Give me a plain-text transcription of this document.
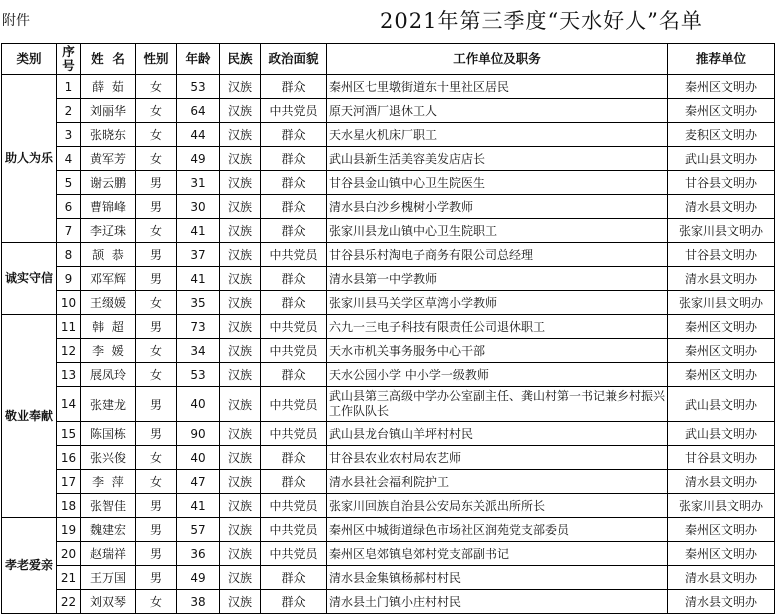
附件	2021年第三季度“天水好人”名单
类别	序号	姓  名	性别	年龄	民族	政治面貌	工作单位及职务	推荐单位
助人为乐	1	薛  茹	女	53	汉族	群众	秦州区七里墩街道东十里社区居民	秦州区文明办
	2	刘丽华	女	64	汉族	中共党员	原天河酒厂退休工人	秦州区文明办
	3	张晓东	女	44	汉族	群众	天水星火机床厂职工	麦积区文明办
	4	黄军芳	女	49	汉族	群众	武山县新生活美容美发店店长	武山县文明办
	5	谢云鹏	男	31	汉族	群众	甘谷县金山镇中心卫生院医生	甘谷县文明办
	6	曹锦峰	男	30	汉族	群众	清水县白沙乡槐树小学教师	清水县文明办
	7	李辽珠	女	41	汉族	群众	张家川县龙山镇中心卫生院职工	张家川县文明办
诚实守信	8	颉  恭	男	37	汉族	中共党员	甘谷县乐村淘电子商务有限公司总经理	甘谷县文明办
	9	邓军辉	男	41	汉族	群众	清水县第一中学教师	清水县文明办
	10	王缀媛	女	35	汉族	群众	张家川县马关学区草湾小学教师	张家川县文明办
敬业奉献	11	韩  超	男	73	汉族	中共党员	六九一三电子科技有限责任公司退休职工	秦州区文明办
	12	李  媛	女	34	汉族	中共党员	天水市机关事务服务中心干部	秦州区文明办
	13	展凤玲	女	53	汉族	群众	天水公园小学 中小学一级教师	秦州区文明办
	14	张建龙	男	40	汉族	中共党员	武山县第三高级中学办公室副主任、龚山村第一书记兼乡村振兴工作队队长	武山县文明办
	15	陈国栋	男	90	汉族	中共党员	武山县龙台镇山羊坪村村民	武山县文明办
	16	张兴俊	女	40	汉族	群众	甘谷县农业农村局农艺师	甘谷县文明办
	17	李  萍	女	47	汉族	群众	清水县社会福利院护工	清水县文明办
	18	张智佳	男	41	汉族	中共党员	张家川回族自治县公安局东关派出所所长	张家川县文明办
孝老爱亲	19	魏建宏	男	57	汉族	中共党员	秦州区中城街道绿色市场社区润苑党支部委员	秦州区文明办
	20	赵瑞祥	男	36	汉族	中共党员	秦州区皂郊镇皂郊村党支部副书记	秦州区文明办
	21	王万国	男	49	汉族	群众	清水县金集镇杨郝村村民	清水县文明办
	22	刘双琴	女	38	汉族	群众	清水县土门镇小庄村村民	清水县文明办
